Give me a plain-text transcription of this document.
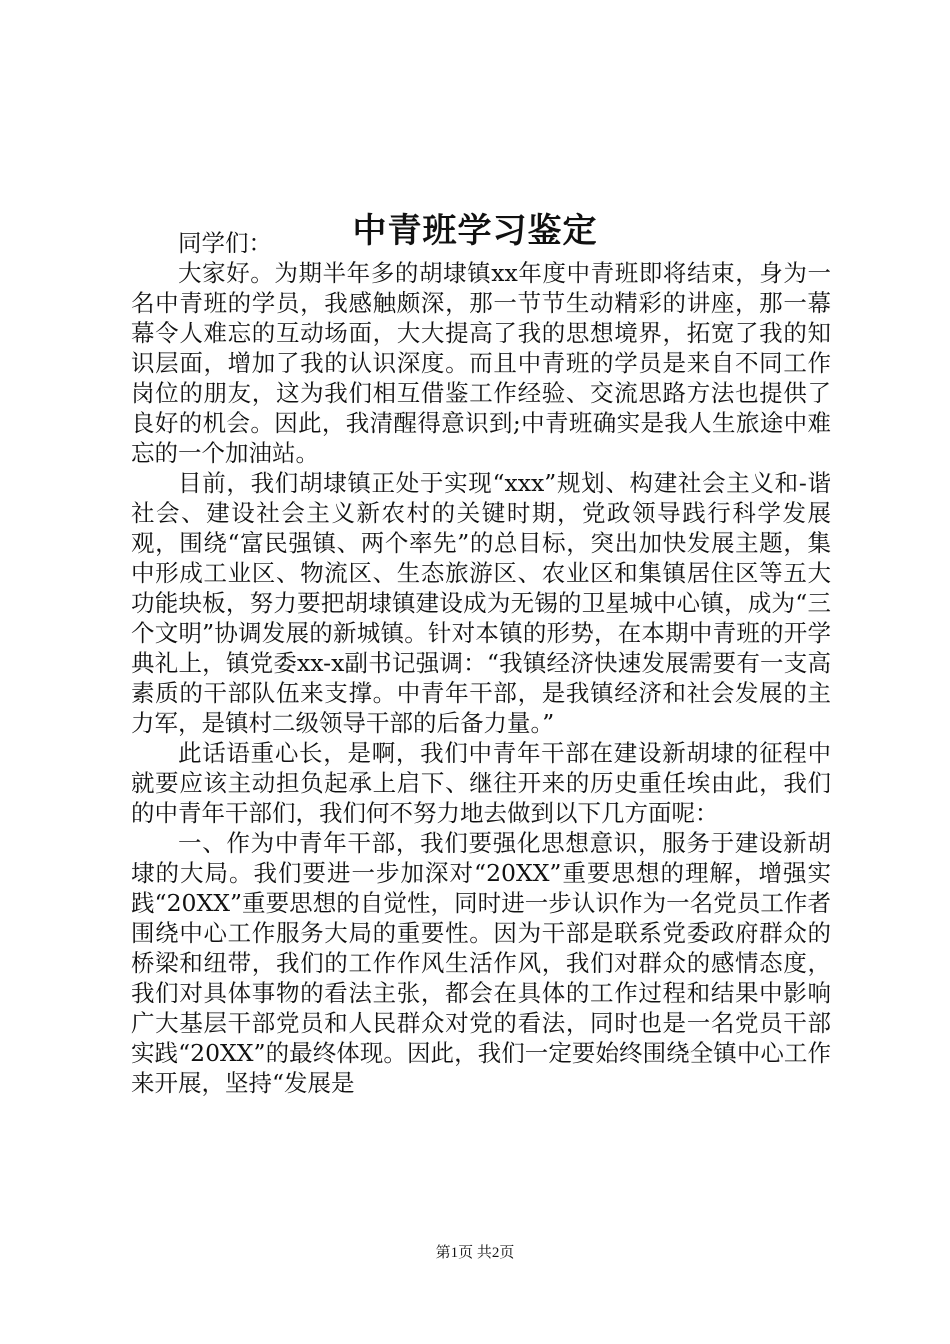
中青班学习鉴定

同学们：

大家好。为期半年多的胡埭镇xx年度中青班即将结束，身为一名中青班的学员，我感触颇深，那一节节生动精彩的讲座，那一幕幕令人难忘的互动场面，大大提高了我的思想境界，拓宽了我的知识层面，增加了我的认识深度。而且中青班的学员是来自不同工作岗位的朋友，这为我们相互借鉴工作经验、交流思路方法也提供了良好的机会。因此，我清醒得意识到;中青班确实是我人生旅途中难忘的一个加油站。

目前，我们胡埭镇正处于实现“xxx”规划、构建社会主义和-谐社会、建设社会主义新农村的关键时期，党政领导践行科学发展观，围绕“富民强镇、两个率先”的总目标，突出加快发展主题，集中形成工业区、物流区、生态旅游区、农业区和集镇居住区等五大功能块板，努力要把胡埭镇建设成为无锡的卫星城中心镇，成为“三个文明”协调发展的新城镇。针对本镇的形势，在本期中青班的开学典礼上，镇党委xx-x副书记强调：“我镇经济快速发展需要有一支高素质的干部队伍来支撑。中青年干部，是我镇经济和社会发展的主力军，是镇村二级领导干部的后备力量。”

此话语重心长，是啊，我们中青年干部在建设新胡埭的征程中就要应该主动担负起承上启下、继往开来的历史重任埃由此，我们的中青年干部们，我们何不努力地去做到以下几方面呢：

一、作为中青年干部，我们要强化思想意识，服务于建设新胡埭的大局。我们要进一步加深对“20XX”重要思想的理解，增强实践“20XX”重要思想的自觉性，同时进一步认识作为一名党员工作者围绕中心工作服务大局的重要性。因为干部是联系党委政府群众的桥梁和纽带，我们的工作作风生活作风，我们对群众的感情态度，我们对具体事物的看法主张，都会在具体的工作过程和结果中影响广大基层干部党员和人民群众对党的看法，同时也是一名党员干部实践“20XX”的最终体现。因此，我们一定要始终围绕全镇中心工作来开展，坚持“发展是

第1页 共2页
